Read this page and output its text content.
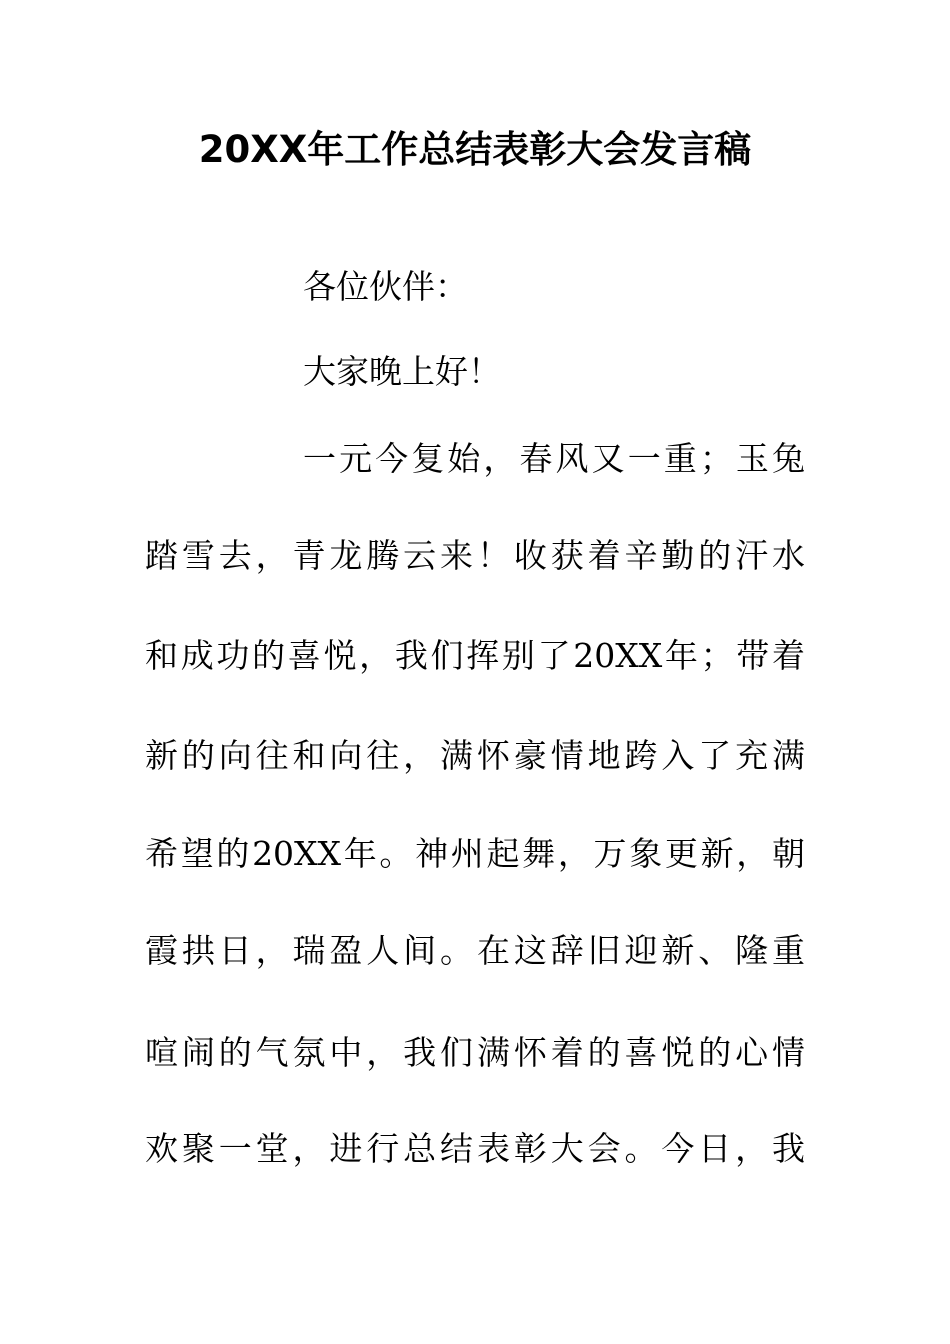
20XX年工作总结表彰大会发言稿
各位伙伴：
大家晚上好！
一元今复始，春风又一重；玉兔
踏雪去，青龙腾云来！收获着辛勤的汗水
和成功的喜悦，我们挥别了20XX年；带着
新的向往和向往，满怀豪情地跨入了充满
希望的20XX年。神州起舞，万象更新，朝
霞拱日，瑞盈人间。在这辞旧迎新、隆重
喧闹的气氛中，我们满怀着的喜悦的心情
欢聚一堂，进行总结表彰大会。今日，我
